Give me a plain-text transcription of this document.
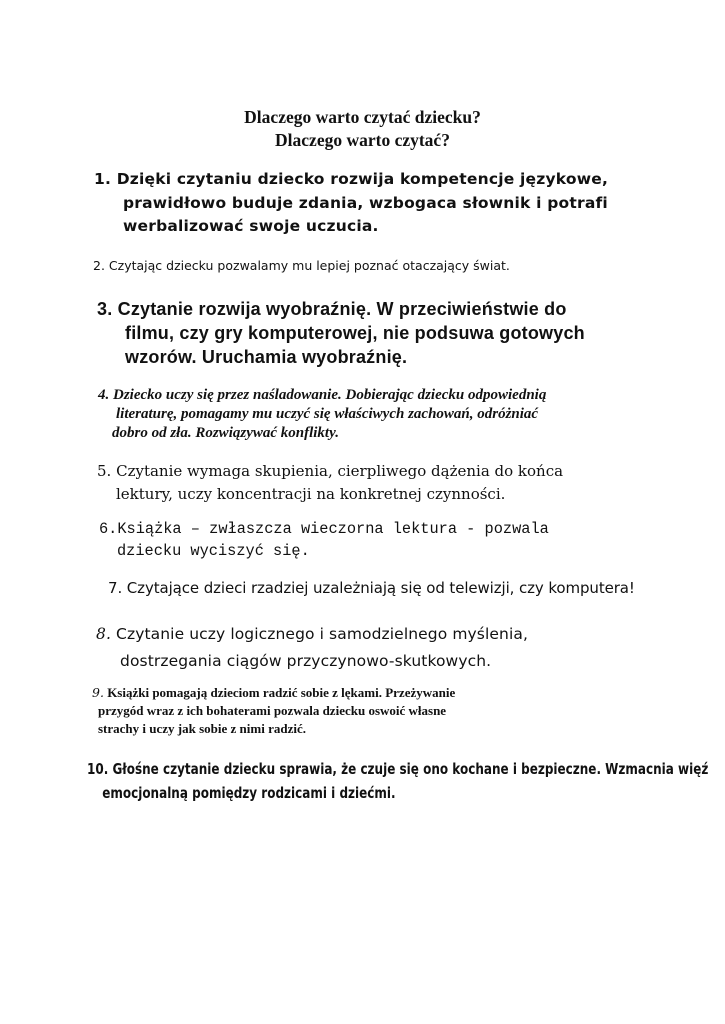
Dlaczego warto czytać dziecku?
Dlaczego warto czytać?
1. Dzięki czytaniu dziecko rozwija kompetencje językowe,
prawidłowo buduje zdania, wzbogaca słownik i potrafi
werbalizować swoje uczucia.
2. Czytając dziecku pozwalamy mu lepiej poznać otaczający świat.
3. Czytanie rozwija wyobraźnię. W przeciwieństwie do
filmu, czy gry komputerowej, nie podsuwa gotowych
wzorów. Uruchamia wyobraźnię.
4. Dziecko uczy się przez naśladowanie. Dobierając dziecku odpowiednią
literaturę, pomagamy mu uczyć się właściwych zachowań, odróżniać
dobro od zła. Rozwiązywać konflikty.
5. Czytanie wymaga skupienia, cierpliwego dążenia do końca
lektury, uczy koncentracji na konkretnej czynności.
6.Książka – zwłaszcza wieczorna lektura - pozwala
dziecku wyciszyć się.
7. Czytające dzieci rzadziej uzależniają się od telewizji, czy komputera!
8. Czytanie uczy logicznego i samodzielnego myślenia,
dostrzegania ciągów przyczynowo-skutkowych.
9. Książki pomagają dzieciom radzić sobie z lękami. Przeżywanie
przygód wraz z ich bohaterami pozwala dziecku oswoić własne
strachy i uczy jak sobie z nimi radzić.
10. Głośne czytanie dziecku sprawia, że czuje się ono kochane i bezpieczne. Wzmacnia więź
emocjonalną pomiędzy rodzicami i dziećmi.
